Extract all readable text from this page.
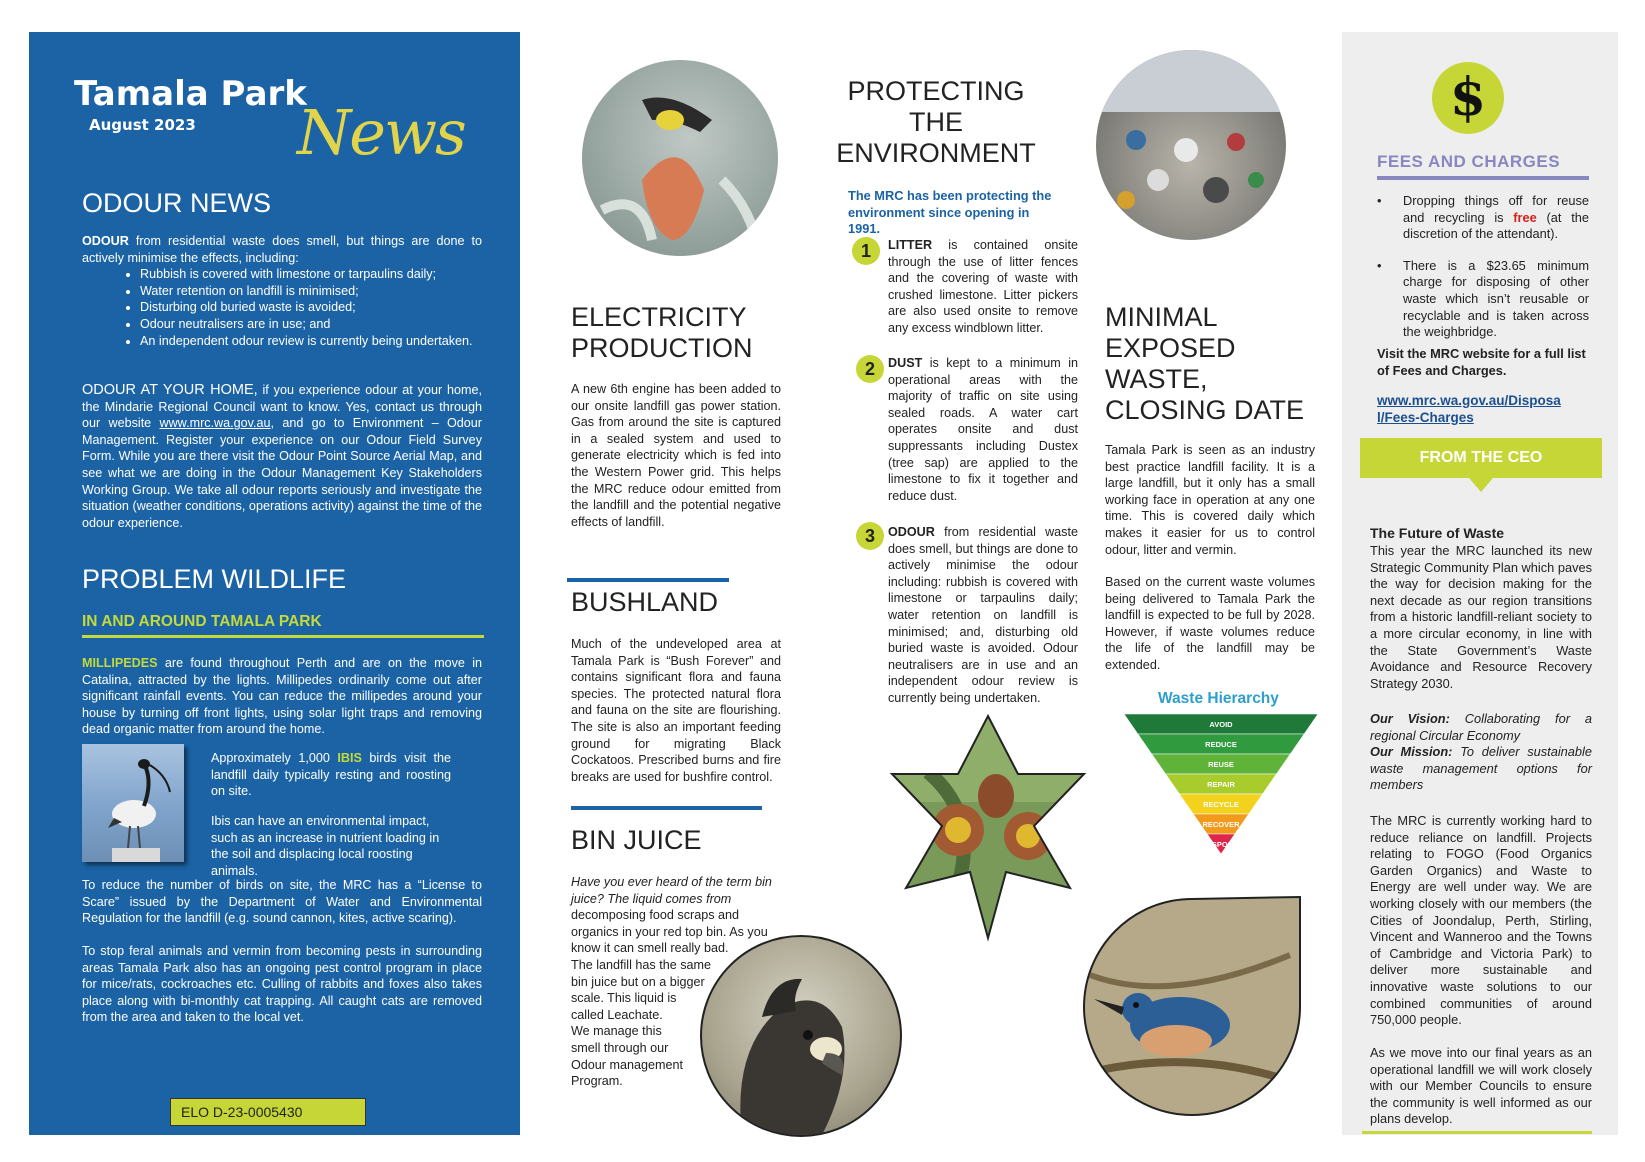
Tamala Park
August 2023 News
ODOUR NEWS
ODOUR from residential waste does smell, but things are done to actively minimise the effects, including:
• Rubbish is covered with limestone or tarpaulins daily;
• Water retention on landfill is minimised;
• Disturbing old buried waste is avoided;
• Odour neutralisers are in use; and
• An independent odour review is currently being undertaken.
ODOUR AT YOUR HOME, if you experience odour at your home, the Mindarie Regional Council want to know. Yes, contact us through our website www.mrc.wa.gov.au, and go to Environment – Odour Management. Register your experience on our Odour Field Survey Form. While you are there visit the Odour Point Source Aerial Map, and see what we are doing in the Odour Management Key Stakeholders Working Group. We take all odour reports seriously and investigate the situation (weather conditions, operations activity) against the time of the odour experience.
PROBLEM WILDLIFE
IN AND AROUND TAMALA PARK
MILLIPEDES are found throughout Perth and are on the move in Catalina, attracted by the lights. Millipedes ordinarily come out after significant rainfall events. You can reduce the millipedes around your house by turning off front lights, using solar light traps and removing dead organic matter from around the home.
Approximately 1,000 IBIS birds visit the landfill daily typically resting and roosting on site.
Ibis can have an environmental impact, such as an increase in nutrient loading in the soil and displacing local roosting animals.
To reduce the number of birds on site, the MRC has a “License to Scare” issued by the Department of Water and Environmental Regulation for the landfill (e.g. sound cannon, kites, active scaring).
To stop feral animals and vermin from becoming pests in surrounding areas Tamala Park also has an ongoing pest control program in place for mice/rats, cockroaches etc. Culling of rabbits and foxes also takes place along with bi-monthly cat trapping. All caught cats are removed from the area and taken to the local vet.
ELO D-23-0005430
ELECTRICITY
PRODUCTION
A new 6th engine has been added to our onsite landfill gas power station. Gas from around the site is captured in a sealed system and used to generate electricity which is fed into the Western Power grid. This helps the MRC reduce odour emitted from the landfill and the potential negative effects of landfill.
BUSHLAND
Much of the undeveloped area at Tamala Park is “Bush Forever” and contains significant flora and fauna species. The protected natural flora and fauna on the site are flourishing. The site is also an important feeding ground for migrating Black Cockatoos. Prescribed burns and fire breaks are used for bushfire control.
BIN JUICE
Have you ever heard of the term bin
juice? The liquid comes from
decomposing food scraps and
organics in your red top bin. As you
know it can smell really bad.
The landfill has the same
bin juice but on a bigger
scale. This liquid is
called Leachate.
We manage this
smell through our
Odour management
Program.
PROTECTING
THE
ENVIRONMENT
The MRC has been protecting the environment since opening in 1991.
1	LITTER is contained onsite through the use of litter fences and the covering of waste with crushed limestone. Litter pickers are also used onsite to remove any excess windblown litter.
2	DUST is kept to a minimum in operational areas with the majority of traffic on site using sealed roads. A water cart operates onsite and dust suppressants including Dustex (tree sap) are applied to the limestone to fix it together and reduce dust.
3	ODOUR from residential waste does smell, but things are done to actively minimise the odour including: rubbish is covered with limestone or tarpaulins daily; water retention on landfill is minimised; and, disturbing old buried waste is avoided. Odour neutralisers are in use and an independent odour review is currently being undertaken.
MINIMAL
EXPOSED
WASTE,
CLOSING DATE
Tamala Park is seen as an industry best practice landfill facility. It is a large landfill, but it only has a small working face in operation at any one time. This is covered daily which makes it easier for us to control odour, litter and vermin.
Based on the current waste volumes being delivered to Tamala Park the landfill is expected to be full by 2028. However, if waste volumes reduce the life of the landfill may be extended.
Waste Hierarchy
AVOID
REDUCE
REUSE
REPAIR
RECYCLE
RECOVER
DISPOSE
$
FEES AND CHARGES
•	Dropping things off for reuse and recycling is free (at the discretion of the attendant).
•	There is a $23.65 minimum charge for disposing of other waste which isn’t reusable or recyclable and is taken across the weighbridge.
Visit the MRC website for a full list of Fees and Charges.
www.mrc.wa.gov.au/Disposa
l/Fees-Charges
FROM THE CEO
The Future of Waste
This year the MRC launched its new Strategic Community Plan which paves the way for decision making for the next decade as our region transitions from a historic landfill-reliant society to a more circular economy, in line with the State Government’s Waste Avoidance and Resource Recovery Strategy 2030.
Our Vision: Collaborating for a regional Circular Economy
Our Mission: To deliver sustainable waste management options for members
The MRC is currently working hard to reduce reliance on landfill. Projects relating to FOGO (Food Organics Garden Organics) and Waste to Energy are well under way. We are working closely with our members (the Cities of Joondalup, Perth, Stirling, Vincent and Wanneroo and the Towns of Cambridge and Victoria Park) to deliver more sustainable and innovative waste solutions to our combined communities of around 750,000 people.
As we move into our final years as an operational landfill we will work closely with our Member Councils to ensure the community is well informed as our plans develop.
